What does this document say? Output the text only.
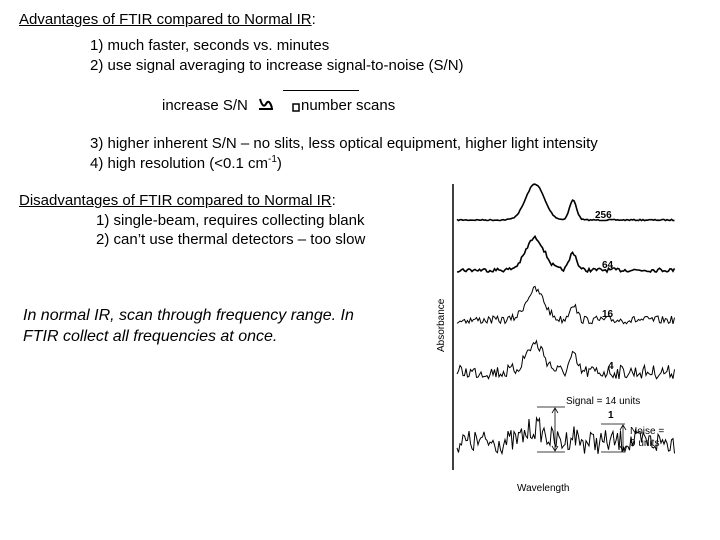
Advantages of FTIR compared to Normal IR:
1) much faster, seconds vs. minutes
2) use signal averaging to increase signal-to-noise (S/N)
increase S/N	number scans
3) higher inherent S/N – no slits, less optical equipment, higher light intensity
4) high resolution (<0.1 $cm^{-1}$)
Disadvantages of FTIR compared to Normal IR:
1) single-beam, requires collecting blank
2) can’t use thermal detectors – too slow
In normal IR, scan through frequency range. In
FTIR collect all frequencies at once.	Absorbance
Wavelength
256
64
16
4
1
Signal = 14 units
Noise =
9 units
